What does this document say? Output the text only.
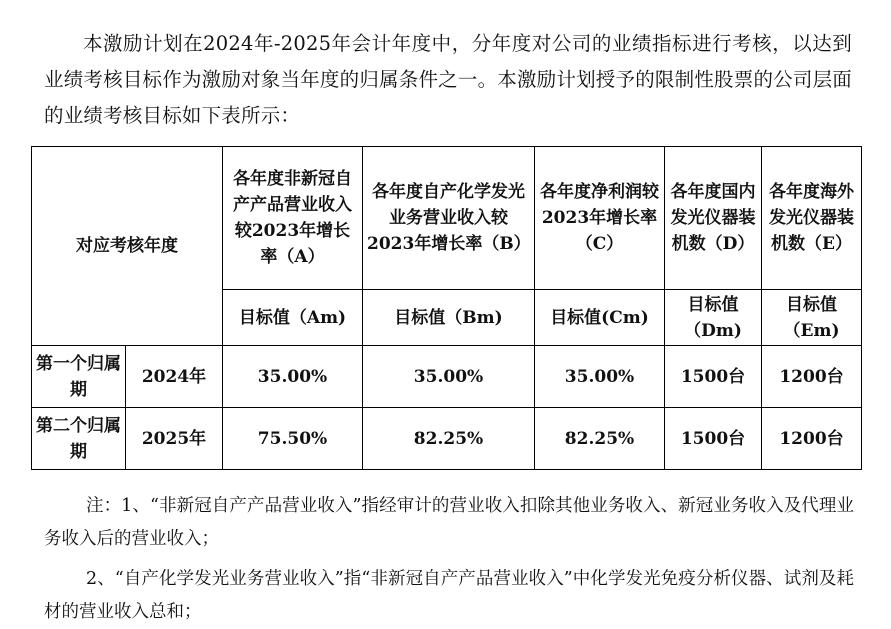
本激励计划在2024年-2025年会计年度中，分年度对公司的业绩指标进行考核，以达到业绩考核目标作为激励对象当年度的归属条件之一。本激励计划授予的限制性股票的公司层面的业绩考核目标如下表所示：

对应考核年度		各年度非新冠自产产品营业收入较2023年增长率（A）	各年度自产化学发光业务营业收入较2023年增长率（B）	各年度净利润较2023年增长率（C）	各年度国内发光仪器装机数（D）	各年度海外发光仪器装机数（E）
		目标值（Am)	目标值（Bm)	目标值(Cm)	目标值（Dm)	目标值（Em)
第一个归属期	2024年	35.00%	35.00%	35.00%	1500台	1200台
第二个归属期	2025年	75.50%	82.25%	82.25%	1500台	1200台

注：1、“非新冠自产产品营业收入”指经审计的营业收入扣除其他业务收入、新冠业务收入及代理业务收入后的营业收入；

2、“自产化学发光业务营业收入”指“非新冠自产产品营业收入”中化学发光免疫分析仪器、试剂及耗材的营业收入总和；
